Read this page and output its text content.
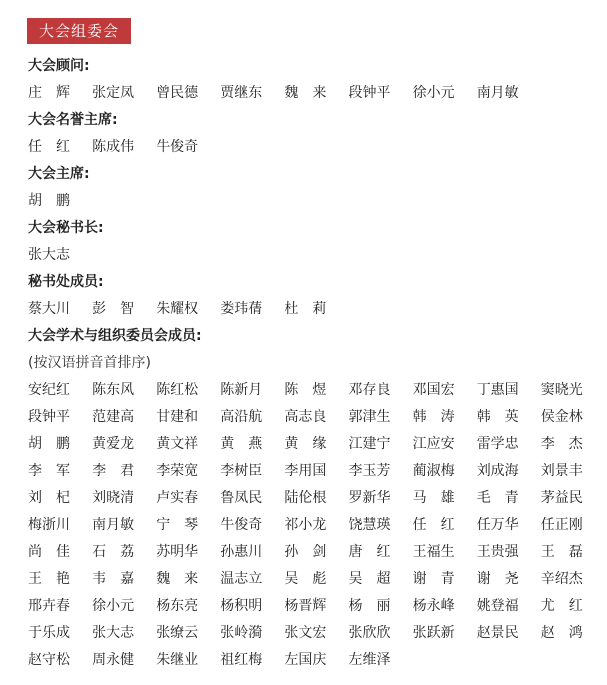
大会组委会
大会顾问:
庄　辉	张定凤	曾民德	贾继东	魏　来	段钟平	徐小元	南月敏
大会名誉主席:
任　红	陈成伟	牛俊奇
大会主席:
胡　鹏
大会秘书长:
张大志
秘书处成员:
蔡大川	彭　智	朱耀权	娄玮蒨	杜　莉
大会学术与组织委员会成员:
(按汉语拼音首排序)
安纪红	陈东风	陈红松	陈新月	陈　煜	邓存良	邓国宏	丁惠国	窦晓光
段钟平	范建高	甘建和	高沿航	高志良	郭津生	韩　涛	韩　英	侯金林
胡　鹏	黄爱龙	黄文祥	黄　燕	黄　缘	江建宁	江应安	雷学忠	李　杰
李　军	李　君	李荣宽	李树臣	李用国	李玉芳	蔺淑梅	刘成海	刘景丰
刘　杞	刘晓清	卢实春	鲁凤民	陆伦根	罗新华	马　雄	毛　青	茅益民
梅浙川	南月敏	宁　琴	牛俊奇	祁小龙	饶慧瑛	任　红	任万华	任正刚
尚　佳	石　荔	苏明华	孙惠川	孙　剑	唐　红	王福生	王贵强	王　磊
王　艳	韦　嘉	魏　来	温志立	吴　彪	吴　超	谢　青	谢　尧	辛绍杰
邢卉春	徐小元	杨东亮	杨积明	杨晋辉	杨　丽	杨永峰	姚登福	尤　红
于乐成	张大志	张缭云	张岭漪	张文宏	张欣欣	张跃新	赵景民	赵　鸿
赵守松	周永健	朱继业	祖红梅	左国庆	左维泽
